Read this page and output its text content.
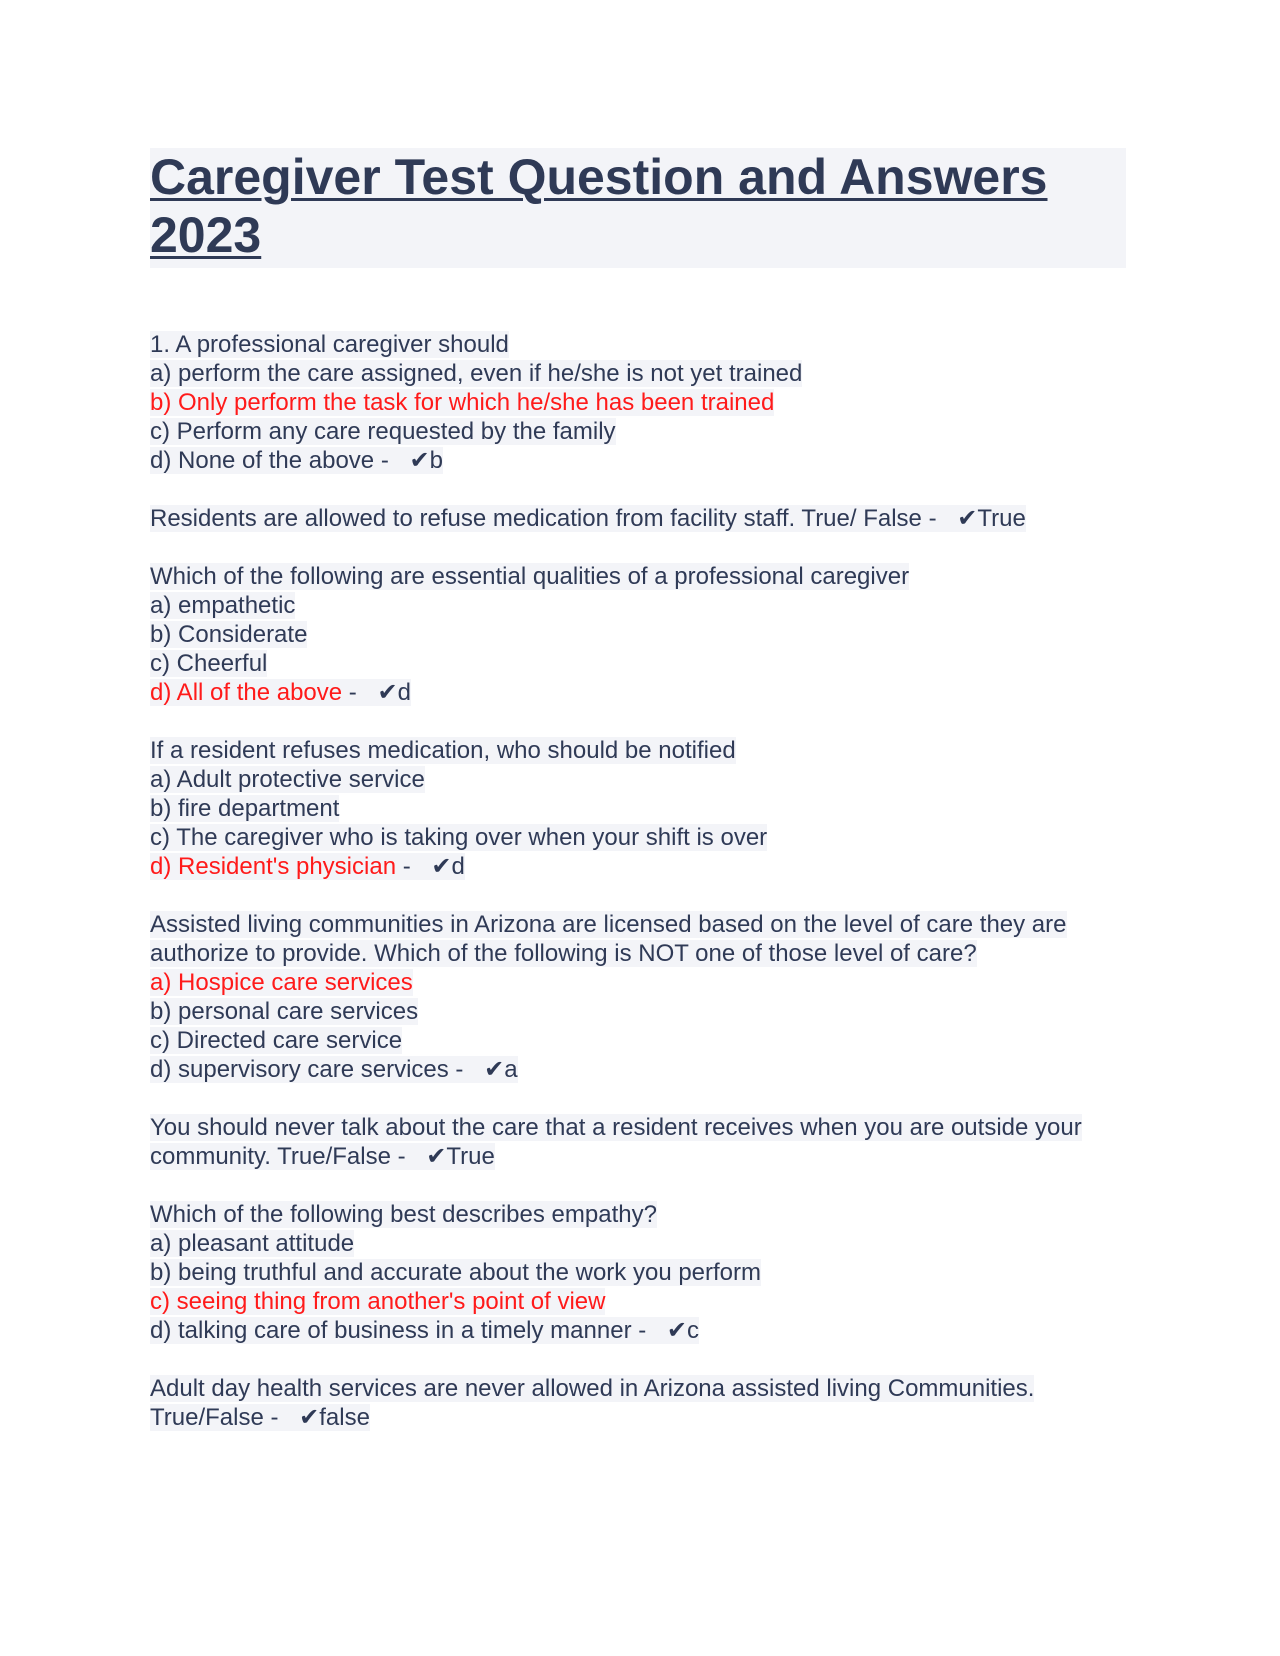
Caregiver Test Question and Answers 2023
1. A professional caregiver should
a) perform the care assigned, even if he/she is not yet trained
b) Only perform the task for which he/she has been trained
c) Perform any care requested by the family
d) None of the above - ✔b
Residents are allowed to refuse medication from facility staff. True/ False - ✔True
Which of the following are essential qualities of a professional caregiver
a) empathetic
b) Considerate
c) Cheerful
d) All of the above - ✔d
If a resident refuses medication, who should be notified
a) Adult protective service
b) fire department
c) The caregiver who is taking over when your shift is over
d) Resident's physician - ✔d
Assisted living communities in Arizona are licensed based on the level of care they are
authorize to provide. Which of the following is NOT one of those level of care?
a) Hospice care services
b) personal care services
c) Directed care service
d) supervisory care services - ✔a
You should never talk about the care that a resident receives when you are outside your
community. True/False - ✔True
Which of the following best describes empathy?
a) pleasant attitude
b) being truthful and accurate about the work you perform
c) seeing thing from another's point of view
d) talking care of business in a timely manner - ✔c
Adult day health services are never allowed in Arizona assisted living Communities.
True/False - ✔false
